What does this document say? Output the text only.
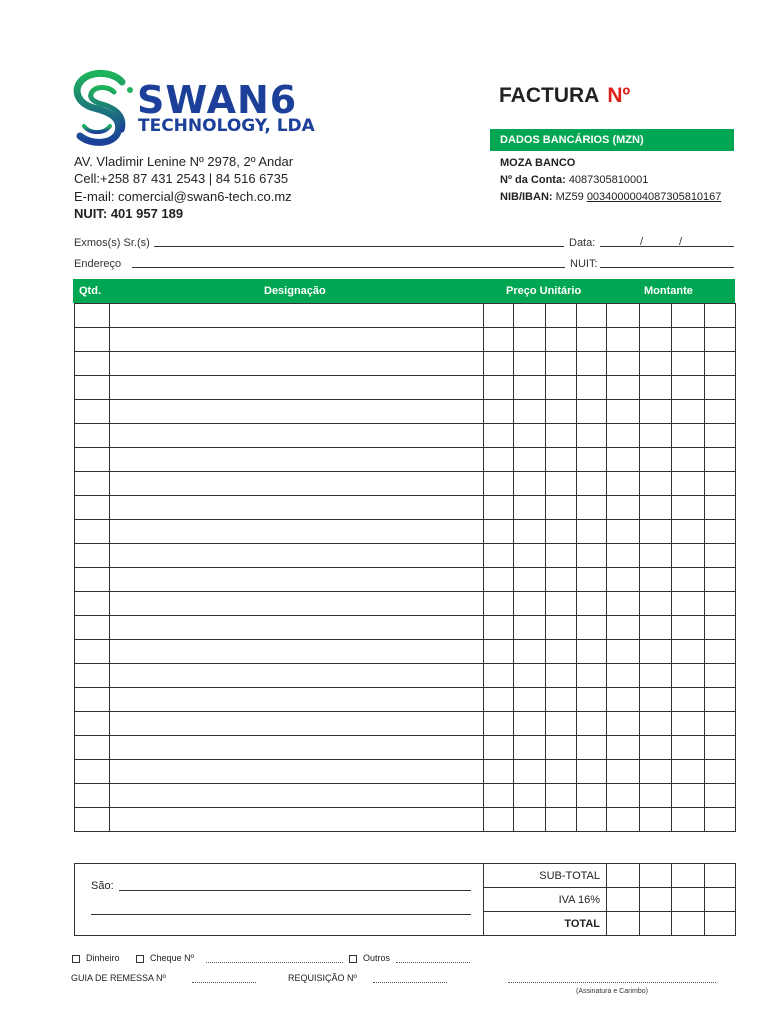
SWAN6
TECHNOLOGY, LDA
AV. Vladimir Lenine Nº 2978, 2º Andar
Cell:+258 87 431 2543 | 84 516 6735
E-mail: comercial@swan6-tech.co.mz
NUIT: 401 957 189
FACTURA Nº
DADOS BANCÁRIOS (MZN)
MOZA BANCO
Nº da Conta: 4087305810001
NIB/IBAN: MZ59 0034000004087305810167
Exmos(s) Sr.(s)	Data:	/	/
Endereço	NUIT:
Qtd.	Designação	Preço Unitário	Montante

São:	SUB-TOTAL				
	IVA 16%				
	TOTAL				
Dinheiro	Cheque Nº	Outros
GUIA DE REMESSA Nº	REQUISIÇÃO Nº
(Assinatura e Carimbo)
